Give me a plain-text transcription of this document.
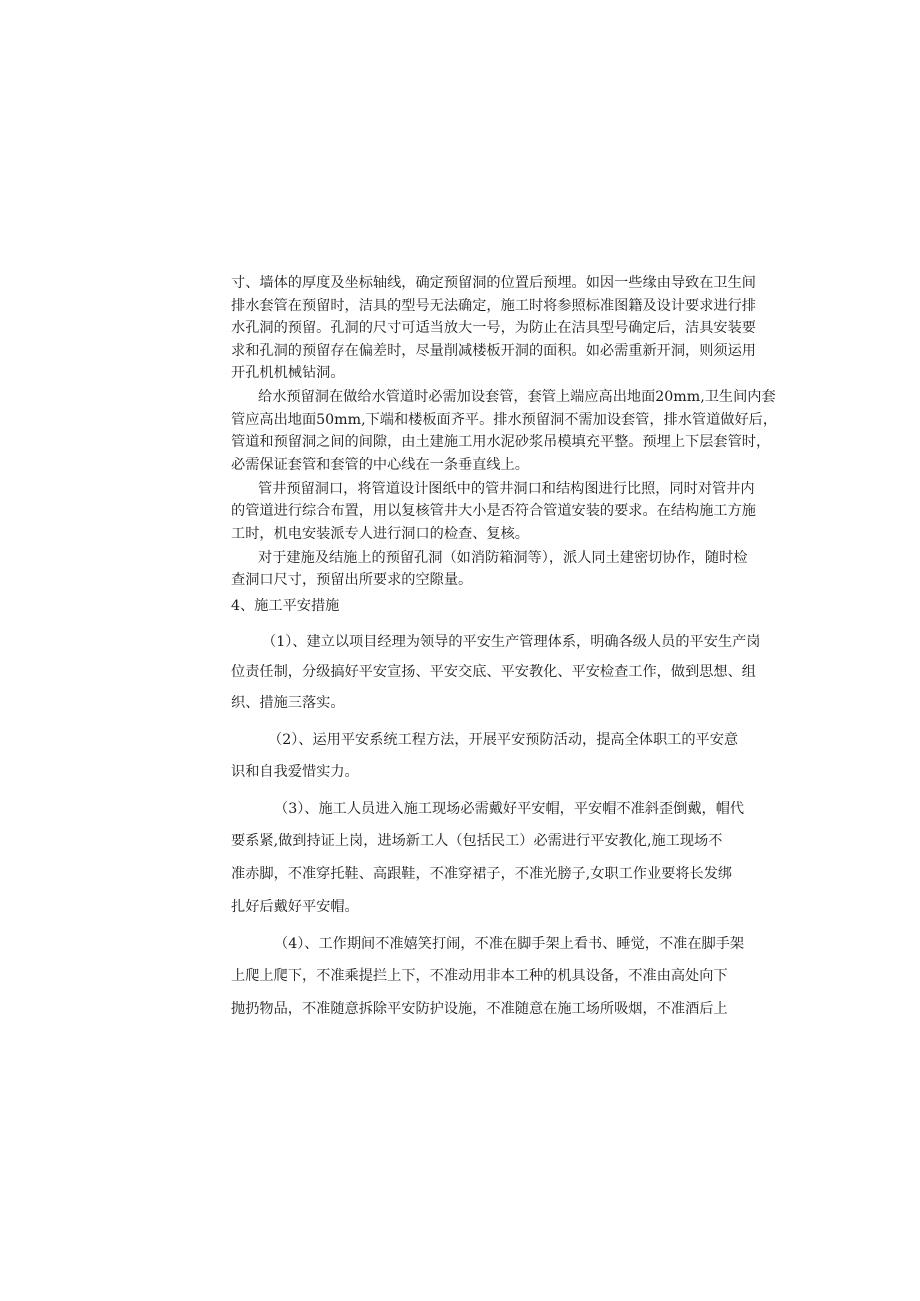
寸、墙体的厚度及坐标轴线，确定预留洞的位置后预埋。如因一些缘由导致在卫生间
排水套管在预留时，洁具的型号无法确定，施工时将参照标准图籍及设计要求进行排
水孔洞的预留。孔洞的尺寸可适当放大一号，为防止在洁具型号确定后，洁具安装要
求和孔洞的预留存在偏差时，尽量削减楼板开洞的面积。如必需重新开洞，则须运用
开孔机机械钻洞。
给水预留洞在做给水管道时必需加设套管，套管上端应高出地面20mm,卫生间内套
管应高出地面50mm,下端和楼板面齐平。排水预留洞不需加设套管，排水管道做好后，
管道和预留洞之间的间隙，由土建施工用水泥砂浆吊模填充平整。预埋上下层套管时，
必需保证套管和套管的中心线在一条垂直线上。
管井预留洞口，将管道设计图纸中的管井洞口和结构图进行比照，同时对管井内
的管道进行综合布置，用以复核管井大小是否符合管道安装的要求。在结构施工方施
工时，机电安装派专人进行洞口的检查、复核。
对于建施及结施上的预留孔洞（如消防箱洞等），派人同土建密切协作，随时检
查洞口尺寸，预留出所要求的空隙量。
4、施工平安措施
（1）、建立以项目经理为领导的平安生产管理体系，明确各级人员的平安生产岗
位责任制，分级搞好平安宣扬、平安交底、平安教化、平安检查工作，做到思想、组
织、措施三落实。
（2）、运用平安系统工程方法，开展平安预防活动，提高全体职工的平安意
识和自我爱惜实力。
（3）、施工人员进入施工现场必需戴好平安帽，平安帽不准斜歪倒戴，帽代
要系紧,做到持证上岗，进场新工人（包括民工）必需进行平安教化,施工现场不
准赤脚，不准穿托鞋、高跟鞋，不准穿裙子，不准光膀子,女职工作业要将长发绑
扎好后戴好平安帽。
（4）、工作期间不准嬉笑打闹，不准在脚手架上看书、睡觉，不准在脚手架
上爬上爬下，不准乘提拦上下，不准动用非本工种的机具设备，不准由高处向下
抛扔物品，不准随意拆除平安防护设施，不准随意在施工场所吸烟，不准酒后上
